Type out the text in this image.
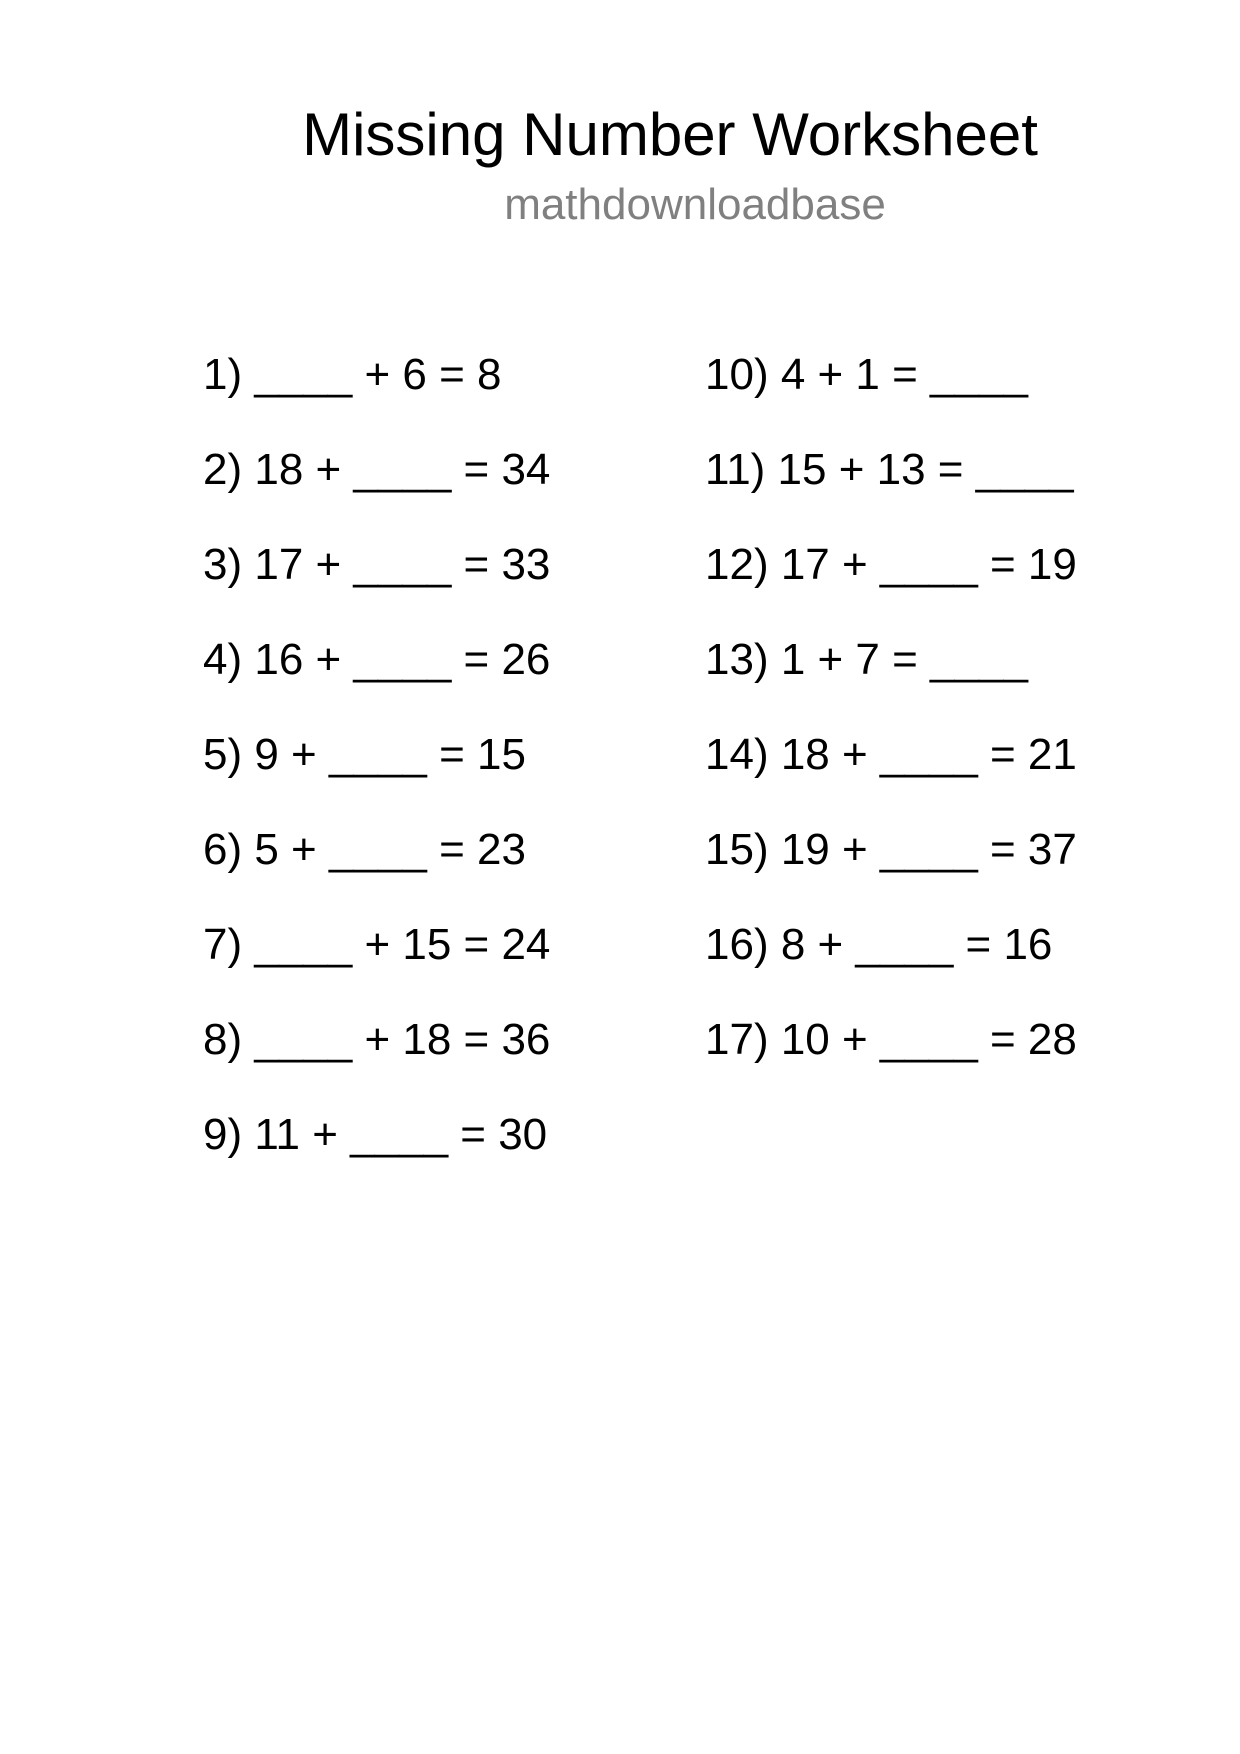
Missing Number Worksheet
mathdownloadbase
1) ____ + 6 = 8
2) 18 + ____ = 34
3) 17 + ____ = 33
4) 16 + ____ = 26
5) 9 + ____ = 15
6) 5 + ____ = 23
7) ____ + 15 = 24
8) ____ + 18 = 36
9) 11 + ____ = 30
10) 4 + 1 = ____
11) 15 + 13 = ____
12) 17 + ____ = 19
13) 1 + 7 = ____
14) 18 + ____ = 21
15) 19 + ____ = 37
16) 8 + ____ = 16
17) 10 + ____ = 28
